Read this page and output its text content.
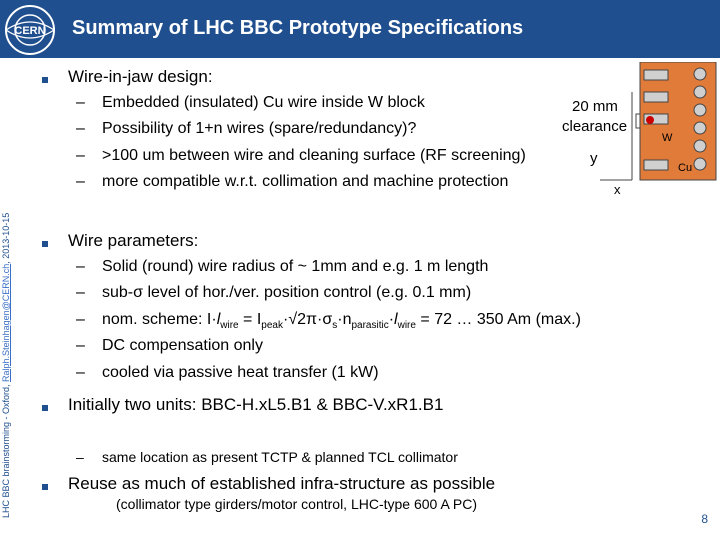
CERN Summary of LHC BBC Prototype Specifications
LHC BBC brainstorming - Oxford, Ralph.Steinhagen@CERN.ch, 2013-10-15
Wire-in-jaw design:
– Embedded (insulated) Cu wire inside W block
– Possibility of 1+n wires (spare/redundancy)?
– >100 um between wire and cleaning surface (RF screening)
– more compatible w.r.t. collimation and machine protection
20 mm
clearance
W
Cu
y
x
Wire parameters:
– Solid (round) wire radius of ~ 1mm and e.g. 1 m length
– sub-σ level of hor./ver. position control (e.g. 0.1 mm)
– nom. scheme: $I\cdot l_{wire} = I_{peak}\cdot√2\pi\cdot\sigma_s\cdot n_{parasitic}\cdot l_{wire} = 72$ … 350 Am (max.)
– DC compensation only
– cooled via passive heat transfer (1 kW)
Initially two units: BBC-H.xL5.B1 & BBC-V.xR1.B1
– same location as present TCTP & planned TCL collimator
Reuse as much of established infra-structure as possible
(collimator type girders/motor control, LHC-type 600 A PC)
8
